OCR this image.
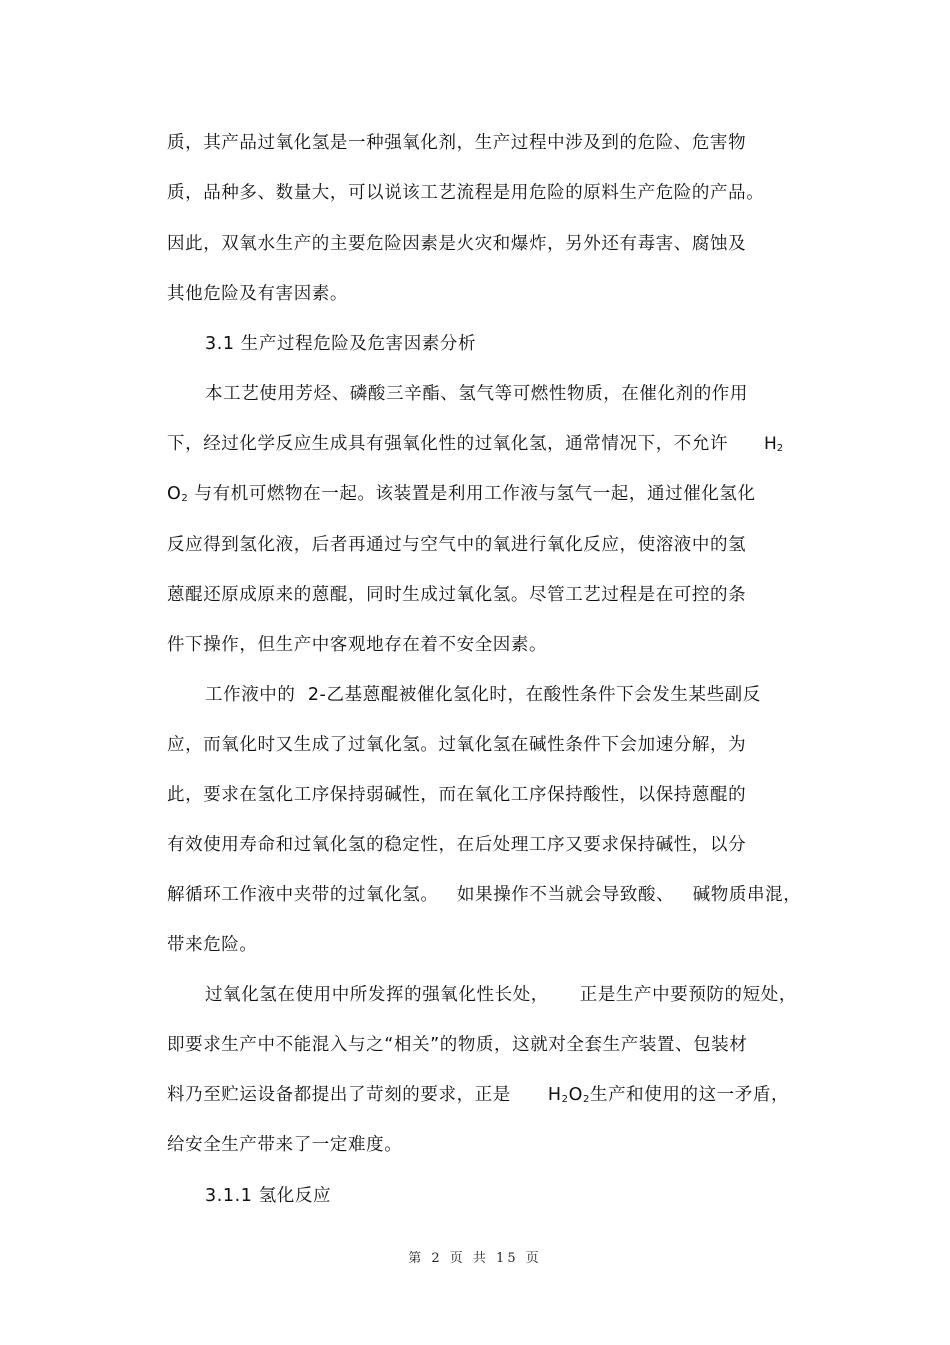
质，其产品过氧化氢是一种强氧化剂，生产过程中涉及到的危险、危害物
质，品种多、数量大，可以说该工艺流程是用危险的原料生产危险的产品。
因此，双氧水生产的主要危险因素是火灾和爆炸，另外还有毒害、腐蚀及
其他危险及有害因素。
3.1 生产过程危险及危害因素分析
本工艺使用芳烃、磷酸三辛酯、氢气等可燃性物质，在催化剂的作用
下，经过化学反应生成具有强氧化性的过氧化氢，通常情况下，不允许 $H_2$
$O_2$ 与有机可燃物在一起。该装置是利用工作液与氢气一起，通过催化氢化
反应得到氢化液，后者再通过与空气中的氧进行氧化反应，使溶液中的氢
蒽醌还原成原来的蒽醌，同时生成过氧化氢。尽管工艺过程是在可控的条
件下操作，但生产中客观地存在着不安全因素。
工作液中的 2-乙基蒽醌被催化氢化时，在酸性条件下会发生某些副反
应，而氧化时又生成了过氧化氢。过氧化氢在碱性条件下会加速分解，为
此，要求在氢化工序保持弱碱性，而在氧化工序保持酸性，以保持蒽醌的
有效使用寿命和过氧化氢的稳定性，在后处理工序又要求保持碱性，以分
解循环工作液中夹带的过氧化氢。 如果操作不当就会导致酸、 碱物质串混，
带来危险。
过氧化氢在使用中所发挥的强氧化性长处， 正是生产中要预防的短处，
即要求生产中不能混入与之“相关”的物质，这就对全套生产装置、包装材
料乃至贮运设备都提出了苛刻的要求，正是 $H_2O_2$生产和使用的这一矛盾，
给安全生产带来了一定难度。
3.1.1 氢化反应
第 2 页 共 15 页
